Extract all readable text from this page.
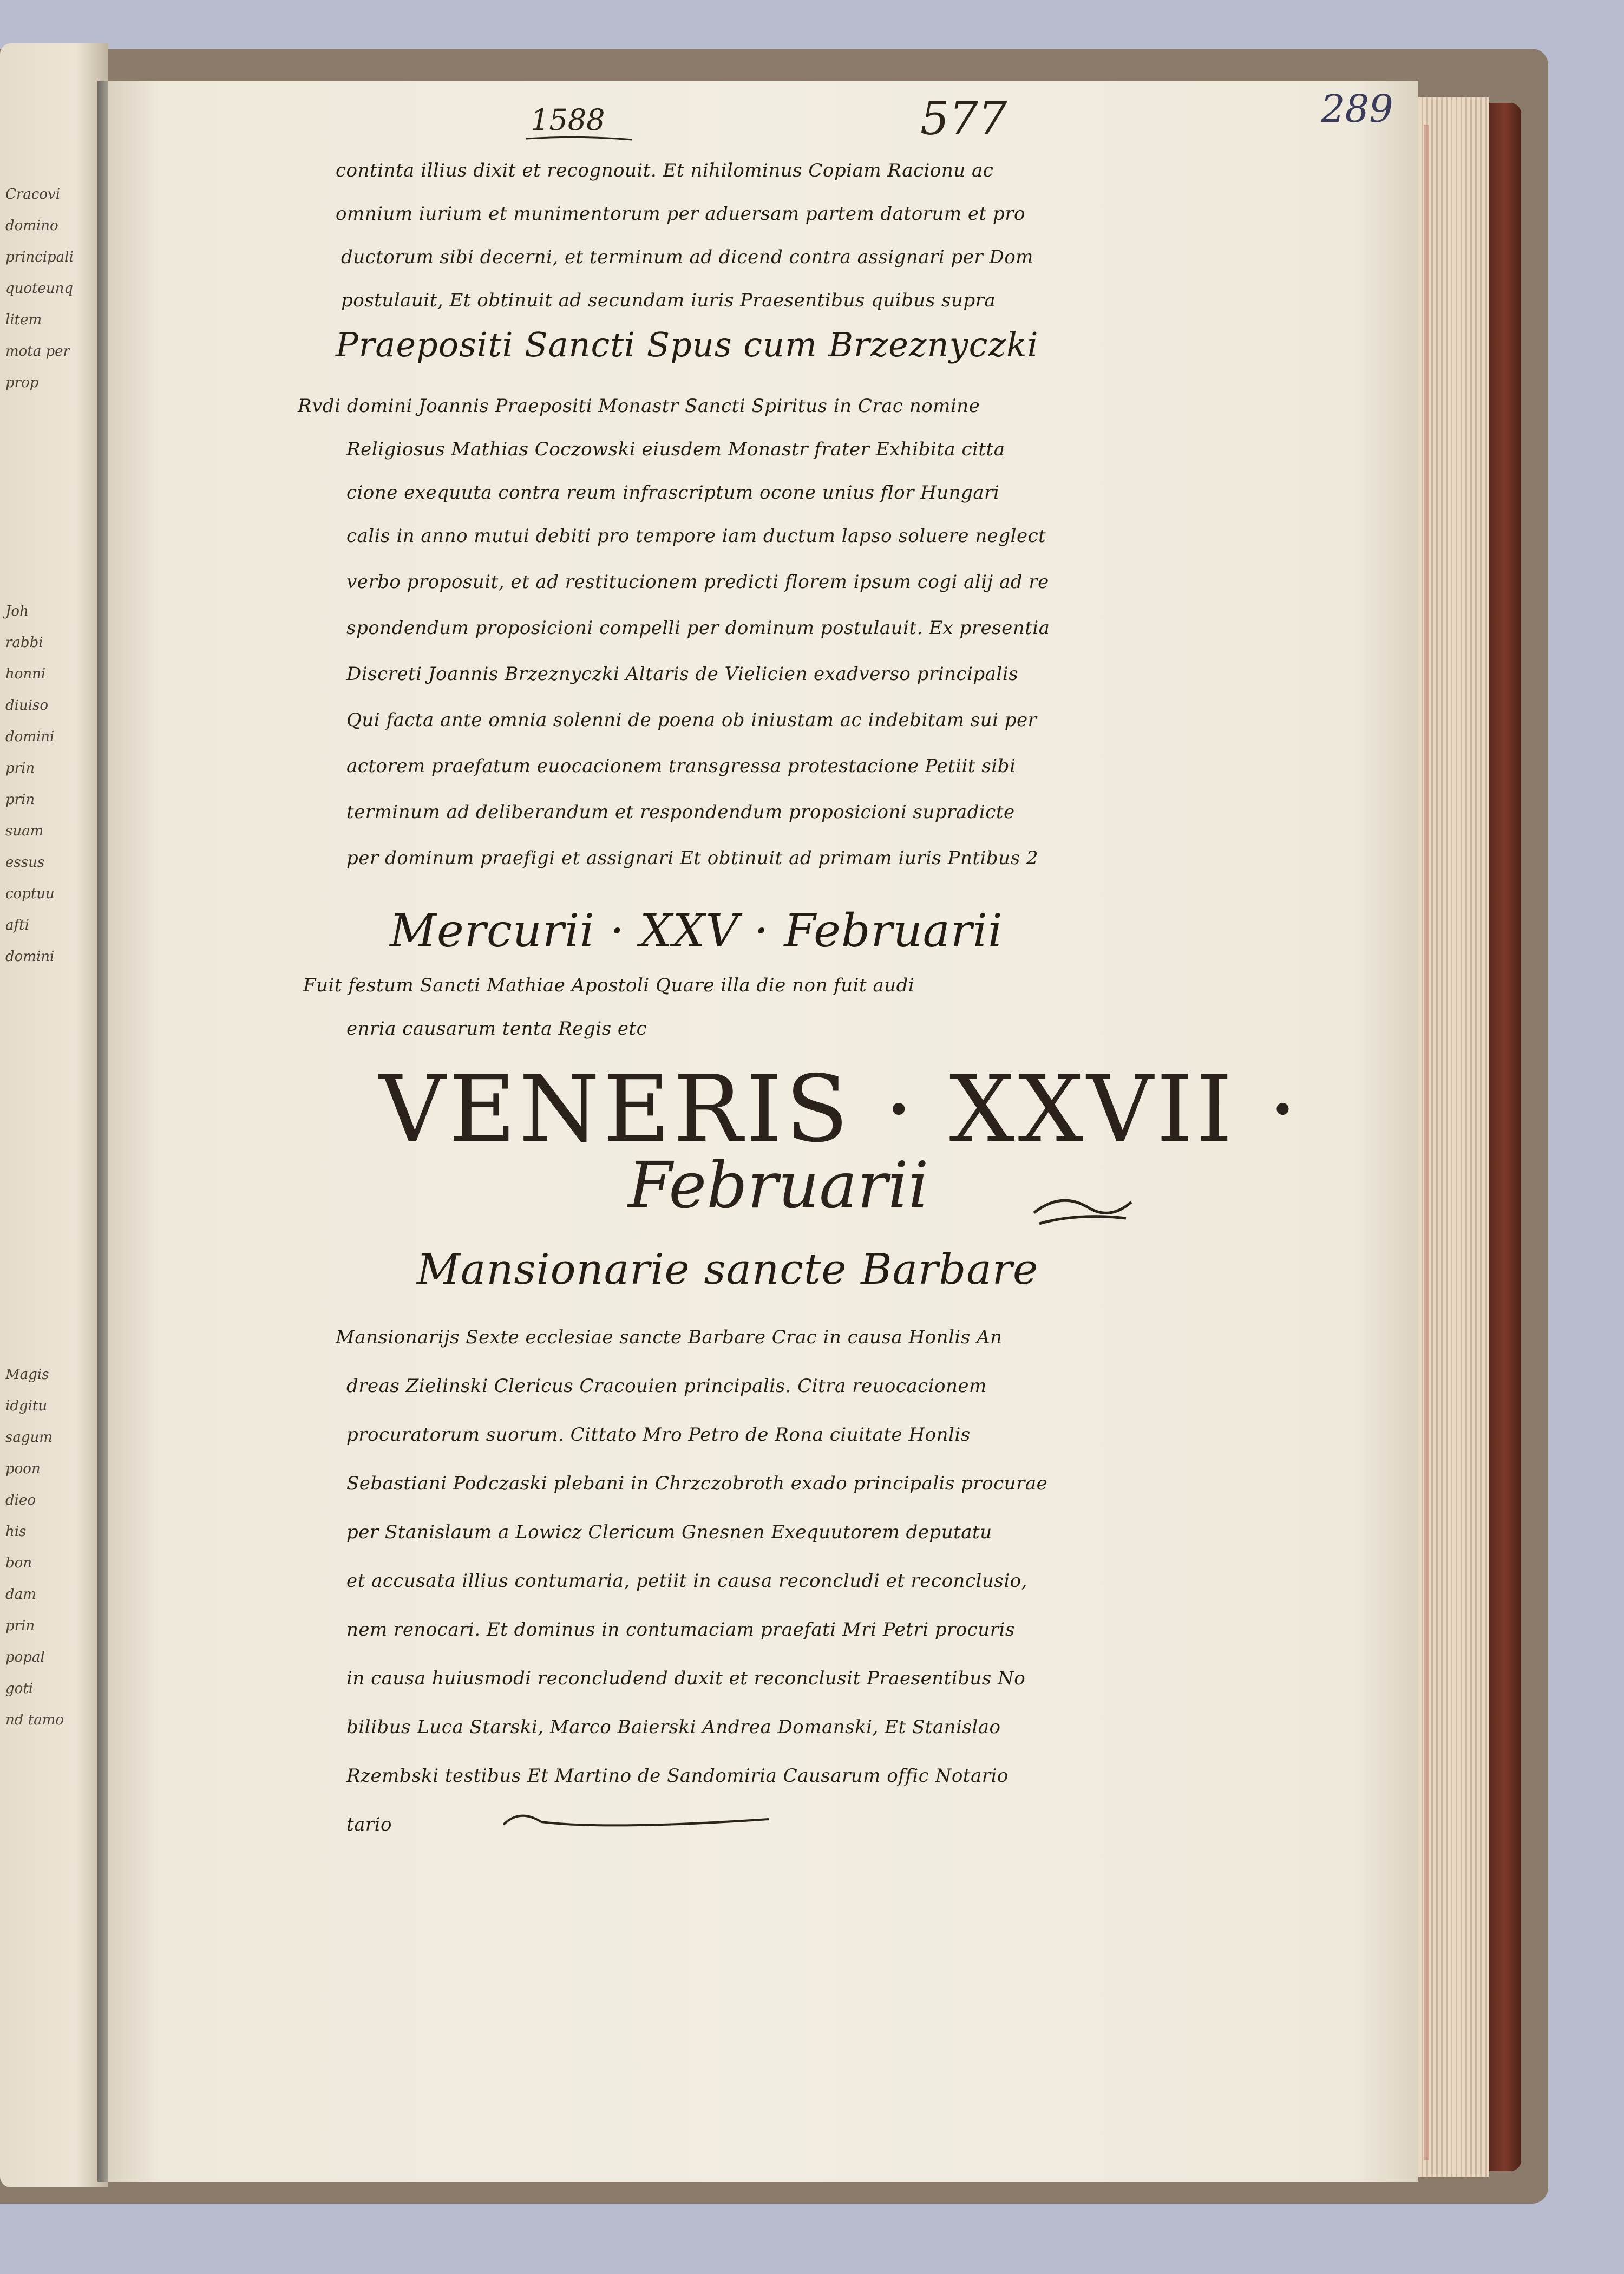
Cracovi
domino
principali
quoteunq
litem
mota per
prop
Joh
rabbi
honni
diuiso
domini
prin
prin
suam
essus
coptuu
afti
domini
Magis
idgitu
sagum
poon
dieo
his
bon
dam
prin
popal
goti
nd tamo
1588	577	289
continta illius dixit et recognouit. Et nihilominus Copiam Racionu ac
omnium iurium et munimentorum per aduersam partem datorum et pro
ductorum sibi decerni, et terminum ad dicend contra assignari per Dom
postulauit, Et obtinuit ad secundam iuris Praesentibus quibus supra
Praepositi Sancti Spus cum Brzeznyczki
Rvdi domini Joannis Praepositi Monastr Sancti Spiritus in Crac nomine
Religiosus Mathias Coczowski eiusdem Monastr frater Exhibita citta
cione exequuta contra reum infrascriptum ocone unius flor Hungari
calis in anno mutui debiti pro tempore iam ductum lapso soluere neglect
verbo proposuit, et ad restitucionem predicti florem ipsum cogi alij ad re
spondendum proposicioni compelli per dominum postulauit. Ex presentia
Discreti Joannis Brzeznyczki Altaris de Vielicien exadverso principalis
Qui facta ante omnia solenni de poena ob iniustam ac indebitam sui per
actorem praefatum euocacionem transgressa protestacione Petiit sibi
terminum ad deliberandum et respondendum proposicioni supradicte
per dominum praefigi et assignari Et obtinuit ad primam iuris Pntibus 2
Mercurii · XXV · Februarii
Fuit festum Sancti Mathiae Apostoli Quare illa die non fuit audi
enria causarum tenta Regis etc
VENERIS · XXVII ·
Februarii
Mansionarie sancte Barbare
Mansionarijs Sexte ecclesiae sancte Barbare Crac in causa Honlis An
dreas Zielinski Clericus Cracouien principalis. Citra reuocacionem
procuratorum suorum. Cittato Mro Petro de Rona ciuitate Honlis
Sebastiani Podczaski plebani in Chrzczobroth exado principalis procurae
per Stanislaum a Lowicz Clericum Gnesnen Exequutorem deputatu
et accusata illius contumaria, petiit in causa reconcludi et reconclusio,
nem renocari. Et dominus in contumaciam praefati Mri Petri procuris
in causa huiusmodi reconcludend duxit et reconclusit Praesentibus No
bilibus Luca Starski, Marco Baierski Andrea Domanski, Et Stanislao
Rzembski testibus Et Martino de Sandomiria Causarum offic Notario
tario
